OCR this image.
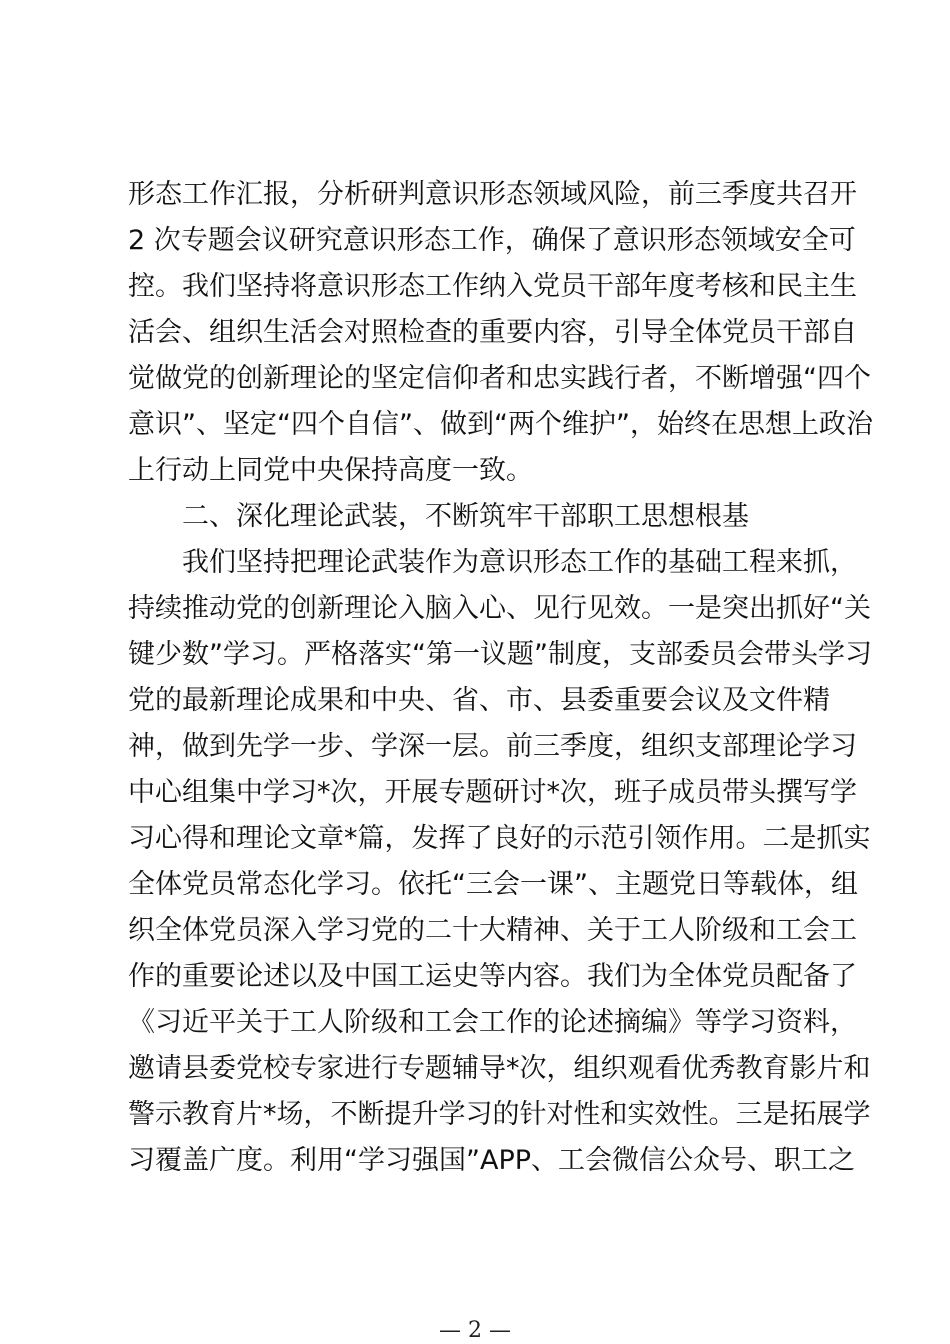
形态工作汇报，分析研判意识形态领域风险，前三季度共召开
2 次专题会议研究意识形态工作，确保了意识形态领域安全可
控。我们坚持将意识形态工作纳入党员干部年度考核和民主生
活会、组织生活会对照检查的重要内容，引导全体党员干部自
觉做党的创新理论的坚定信仰者和忠实践行者，不断增强“四个
意识”、坚定“四个自信”、做到“两个维护”，始终在思想上政治
上行动上同党中央保持高度一致。
二、深化理论武装，不断筑牢干部职工思想根基
我们坚持把理论武装作为意识形态工作的基础工程来抓，
持续推动党的创新理论入脑入心、见行见效。一是突出抓好“关
键少数”学习。严格落实“第一议题”制度，支部委员会带头学习
党的最新理论成果和中央、省、市、县委重要会议及文件精
神，做到先学一步、学深一层。前三季度，组织支部理论学习
中心组集中学习*次，开展专题研讨*次，班子成员带头撰写学
习心得和理论文章*篇，发挥了良好的示范引领作用。二是抓实
全体党员常态化学习。依托“三会一课”、主题党日等载体，组
织全体党员深入学习党的二十大精神、关于工人阶级和工会工
作的重要论述以及中国工运史等内容。我们为全体党员配备了
《习近平关于工人阶级和工会工作的论述摘编》等学习资料，
邀请县委党校专家进行专题辅导*次，组织观看优秀教育影片和
警示教育片*场，不断提升学习的针对性和实效性。三是拓展学
习覆盖广度。利用“学习强国”APP、工会微信公众号、职工之
— 2 —
